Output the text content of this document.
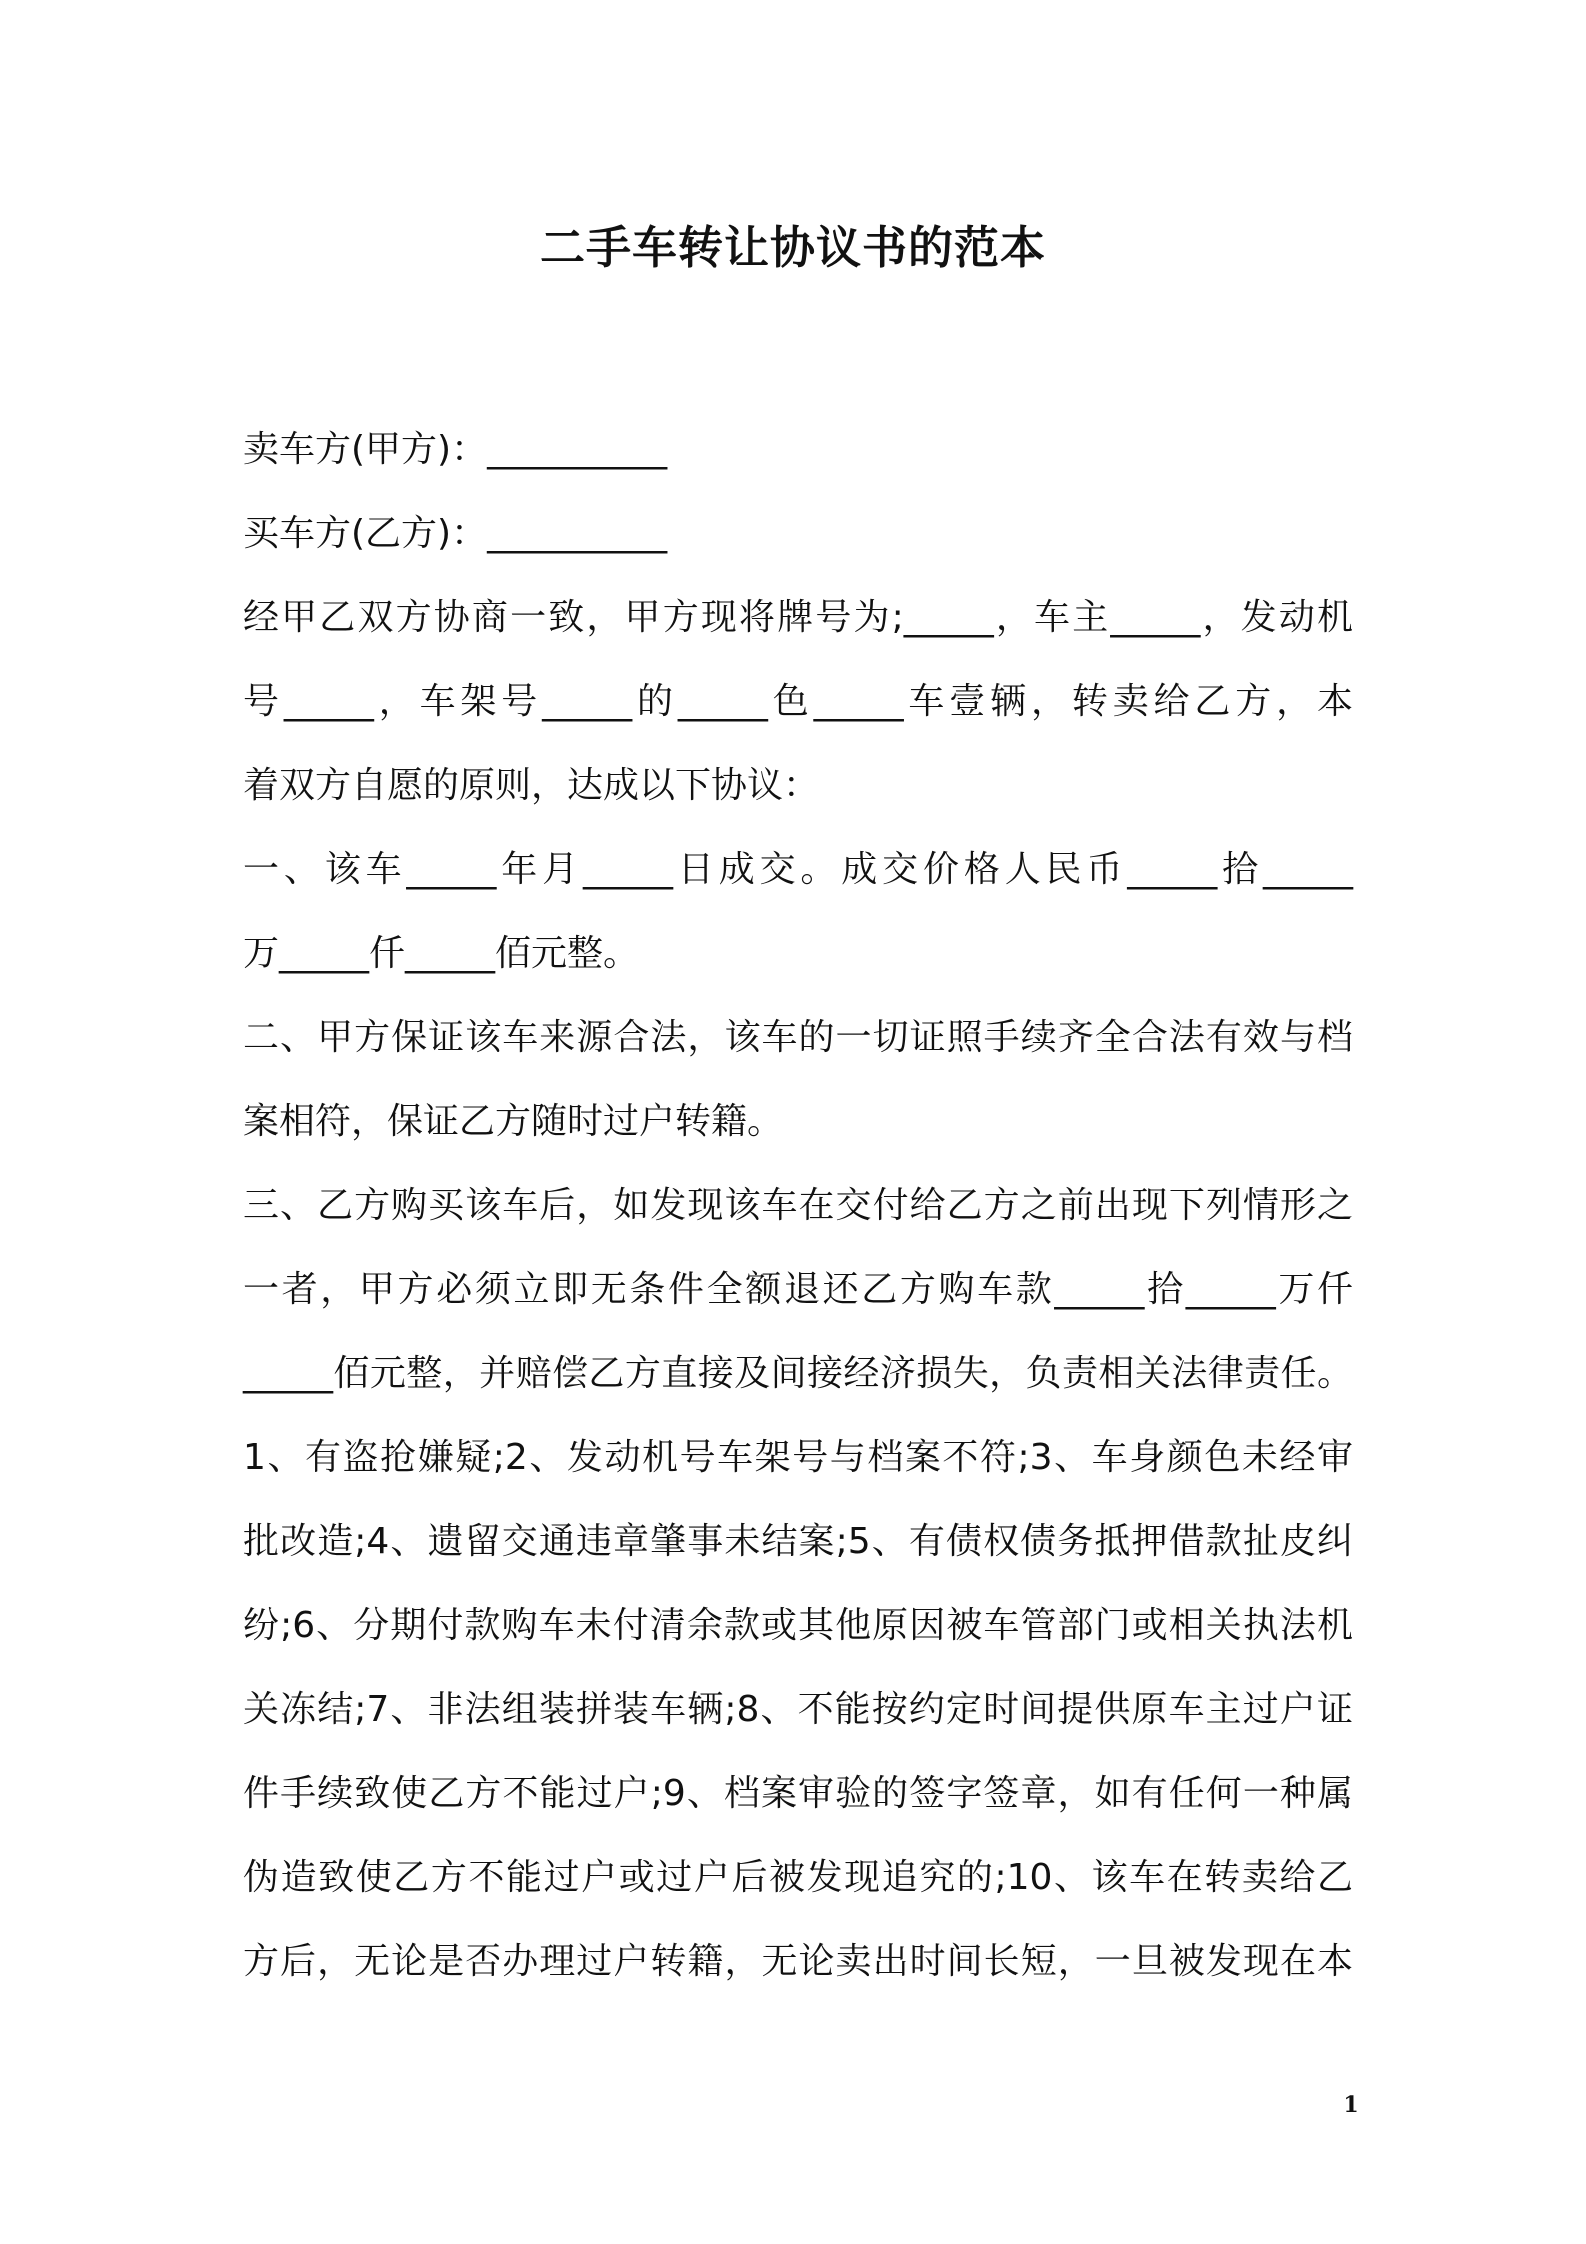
二手车转让协议书的范本
卖车方(甲方)：__________
买车方(乙方)：__________
经甲乙双方协商一致，甲方现将牌号为;_____，车主_____，发动机
号_____，车架号_____的_____色_____车壹辆，转卖给乙方，本
着双方自愿的原则，达成以下协议：
一、该车_____年月_____日成交。成交价格人民币_____拾_____
万_____仟_____佰元整。
二、甲方保证该车来源合法，该车的一切证照手续齐全合法有效与档
案相符，保证乙方随时过户转籍。
三、乙方购买该车后，如发现该车在交付给乙方之前出现下列情形之
一者，甲方必须立即无条件全额退还乙方购车款_____拾_____万仟
_____佰元整，并赔偿乙方直接及间接经济损失，负责相关法律责任。
1、有盗抢嫌疑;2、发动机号车架号与档案不符;3、车身颜色未经审
批改造;4、遗留交通违章肇事未结案;5、有债权债务抵押借款扯皮纠
纷;6、分期付款购车未付清余款或其他原因被车管部门或相关执法机
关冻结;7、非法组装拼装车辆;8、不能按约定时间提供原车主过户证
件手续致使乙方不能过户;9、档案审验的签字签章，如有任何一种属
伪造致使乙方不能过户或过户后被发现追究的;10、该车在转卖给乙
方后，无论是否办理过户转籍，无论卖出时间长短，一旦被发现在本
1
